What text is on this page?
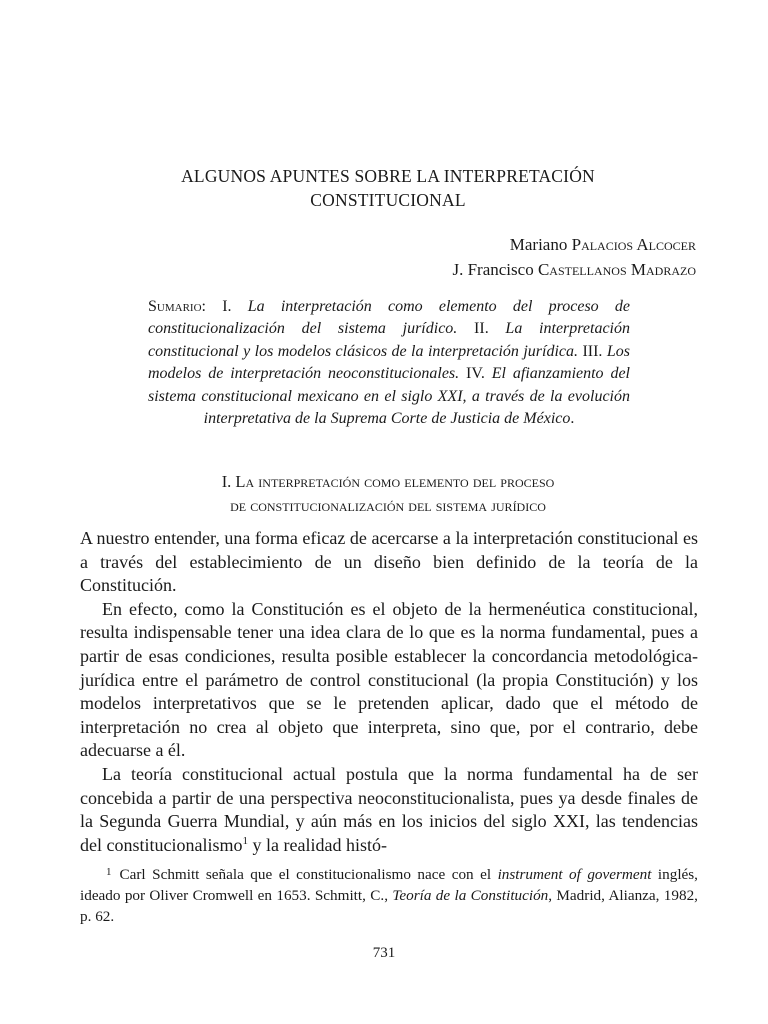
ALGUNOS APUNTES SOBRE LA INTERPRETACIÓN
CONSTITUCIONAL
Mariano Palacios Alcocer
J. Francisco Castellanos Madrazo
Sumario: I. La interpretación como elemento del proceso de constitucionalización del sistema jurídico. II. La interpretación constitucional y los modelos clásicos de la interpretación jurídica. III. Los modelos de interpretación neoconstitucionales. IV. El afianzamiento del sistema constitucional mexicano en el siglo XXI, a través de la evolución interpretativa de la Suprema Corte de Justicia de México.
I. La interpretación como elemento del proceso
de constitucionalización del sistema jurídico

A nuestro entender, una forma eficaz de acercarse a la interpretación constitucional es a través del establecimiento de un diseño bien definido de la teoría de la Constitución.

En efecto, como la Constitución es el objeto de la hermenéutica constitucional, resulta indispensable tener una idea clara de lo que es la norma fundamental, pues a partir de esas condiciones, resulta posible establecer la concordancia metodológica-jurídica entre el parámetro de control constitucional (la propia Constitución) y los modelos interpretativos que se le pretenden aplicar, dado que el método de interpretación no crea al objeto que interpreta, sino que, por el contrario, debe adecuarse a él.

La teoría constitucional actual postula que la norma fundamental ha de ser concebida a partir de una perspectiva neoconstitucionalista, pues ya desde finales de la Segunda Guerra Mundial, y aún más en los inicios del siglo XXI, las tendencias del constitucionalismo$^1$ y la realidad histó-

$^1$ Carl Schmitt señala que el constitucionalismo nace con el instrument of goverment inglés, ideado por Oliver Cromwell en 1653. Schmitt, C., Teoría de la Constitución, Madrid, Alianza, 1982, p. 62.
731
